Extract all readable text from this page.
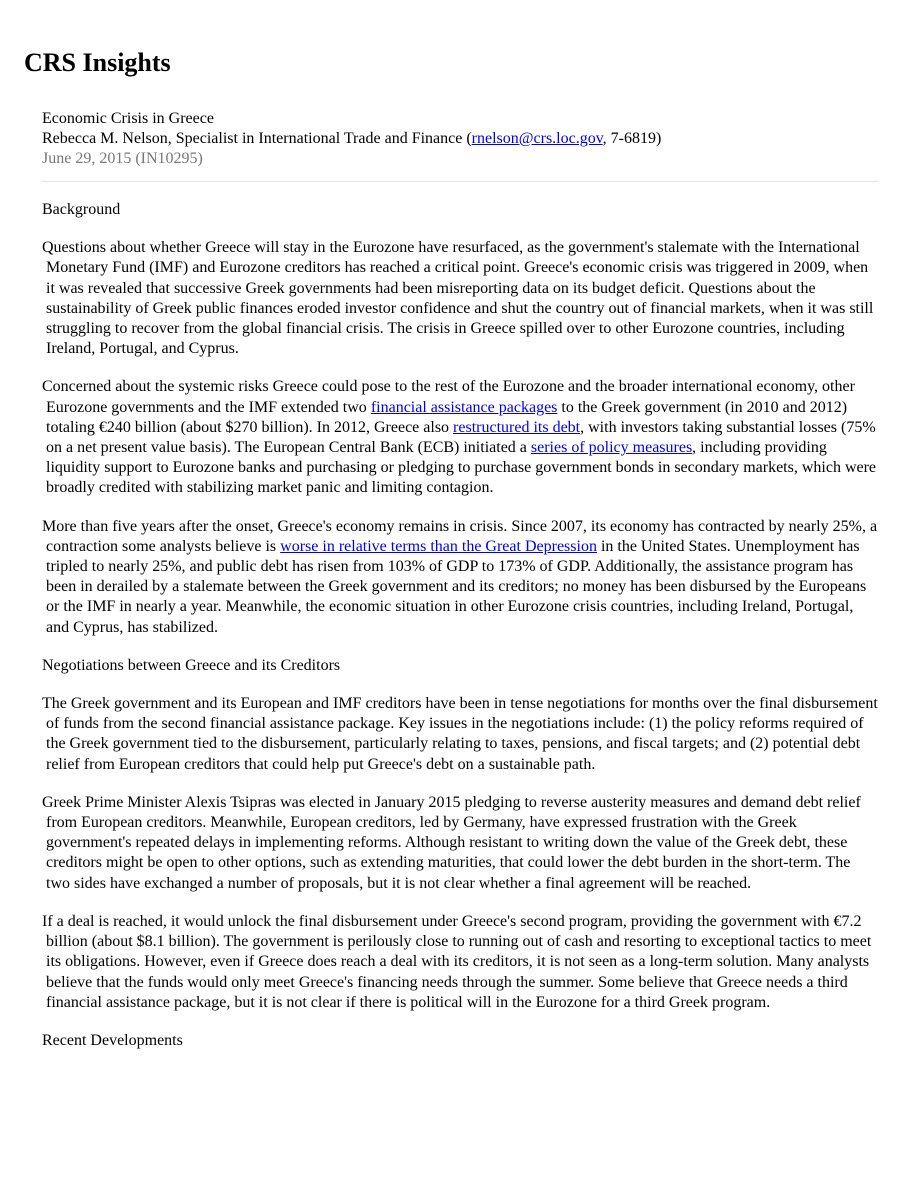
CRS Insights
Economic Crisis in Greece
Rebecca M. Nelson, Specialist in International Trade and Finance (rnelson@crs.loc.gov, 7-6819)
June 29, 2015 (IN10295)

Background

Questions about whether Greece will stay in the Eurozone have resurfaced, as the government's stalemate with the International Monetary Fund (IMF) and Eurozone creditors has reached a critical point. Greece's economic crisis was triggered in 2009, when it was revealed that successive Greek governments had been misreporting data on its budget deficit. Questions about the sustainability of Greek public finances eroded investor confidence and shut the country out of financial markets, when it was still struggling to recover from the global financial crisis. The crisis in Greece spilled over to other Eurozone countries, including Ireland, Portugal, and Cyprus.

Concerned about the systemic risks Greece could pose to the rest of the Eurozone and the broader international economy, other Eurozone governments and the IMF extended two financial assistance packages to the Greek government (in 2010 and 2012) totaling €240 billion (about $270 billion). In 2012, Greece also restructured its debt, with investors taking substantial losses (75% on a net present value basis). The European Central Bank (ECB) initiated a series of policy measures, including providing liquidity support to Eurozone banks and purchasing or pledging to purchase government bonds in secondary markets, which were broadly credited with stabilizing market panic and limiting contagion.

More than five years after the onset, Greece's economy remains in crisis. Since 2007, its economy has contracted by nearly 25%, a contraction some analysts believe is worse in relative terms than the Great Depression in the United States. Unemployment has tripled to nearly 25%, and public debt has risen from 103% of GDP to 173% of GDP. Additionally, the assistance program has been in derailed by a stalemate between the Greek government and its creditors; no money has been disbursed by the Europeans or the IMF in nearly a year. Meanwhile, the economic situation in other Eurozone crisis countries, including Ireland, Portugal, and Cyprus, has stabilized.

Negotiations between Greece and its Creditors

The Greek government and its European and IMF creditors have been in tense negotiations for months over the final disbursement of funds from the second financial assistance package. Key issues in the negotiations include: (1) the policy reforms required of the Greek government tied to the disbursement, particularly relating to taxes, pensions, and fiscal targets; and (2) potential debt relief from European creditors that could help put Greece's debt on a sustainable path.

Greek Prime Minister Alexis Tsipras was elected in January 2015 pledging to reverse austerity measures and demand debt relief from European creditors. Meanwhile, European creditors, led by Germany, have expressed frustration with the Greek government's repeated delays in implementing reforms. Although resistant to writing down the value of the Greek debt, these creditors might be open to other options, such as extending maturities, that could lower the debt burden in the short-term. The two sides have exchanged a number of proposals, but it is not clear whether a final agreement will be reached.

If a deal is reached, it would unlock the final disbursement under Greece's second program, providing the government with €7.2 billion (about $8.1 billion). The government is perilously close to running out of cash and resorting to exceptional tactics to meet its obligations. However, even if Greece does reach a deal with its creditors, it is not seen as a long-term solution. Many analysts believe that the funds would only meet Greece's financing needs through the summer. Some believe that Greece needs a third financial assistance package, but it is not clear if there is political will in the Eurozone for a third Greek program.

Recent Developments
